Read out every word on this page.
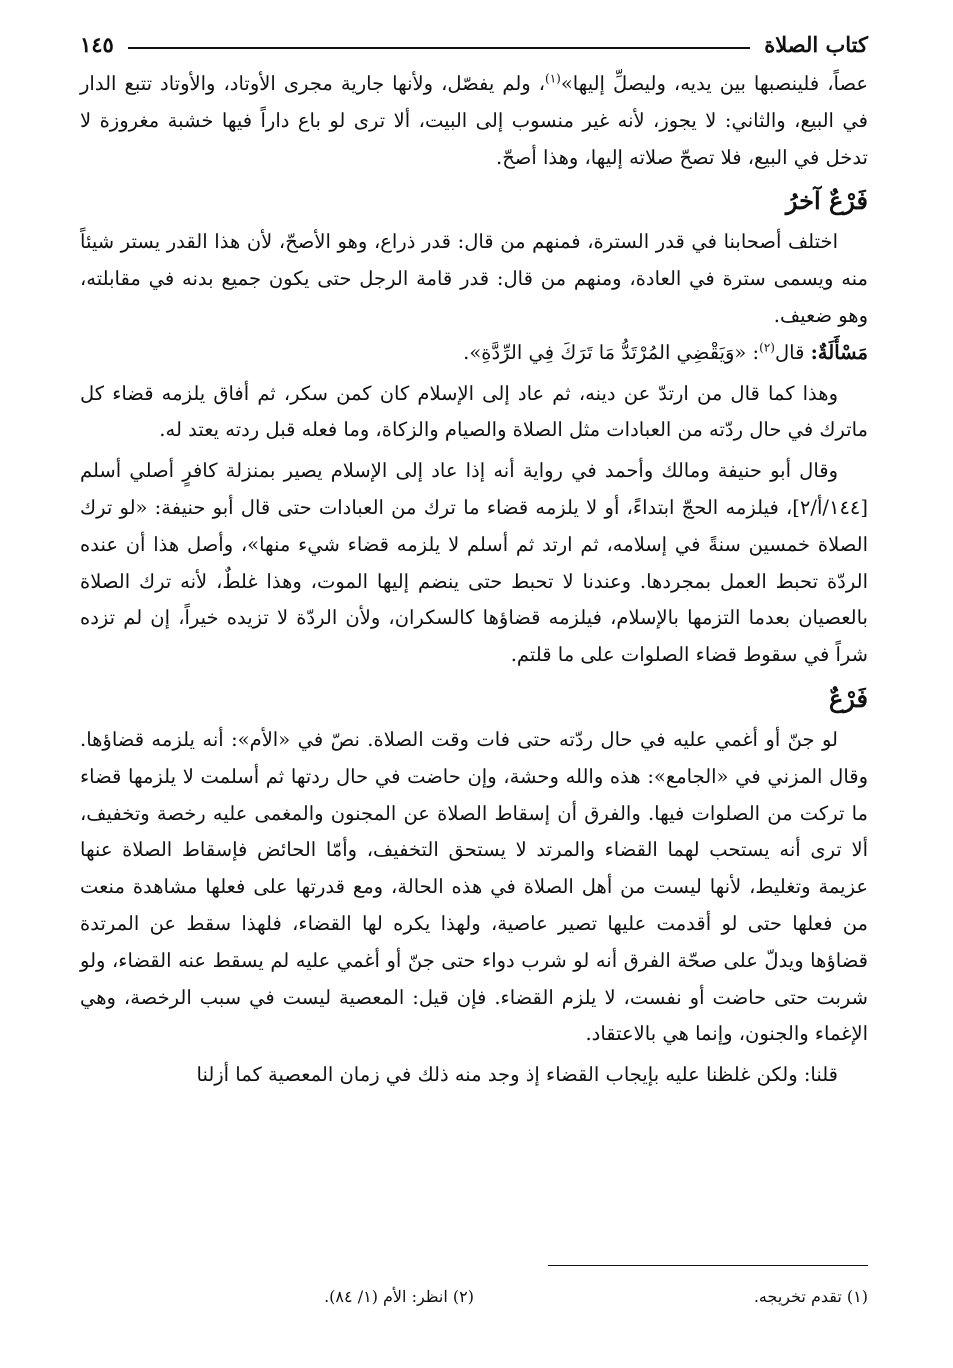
كتاب الصلاة
١٤٥

عصاً، فلينصبها بين يديه، وليصلِّ إليها»$^{(١)}$، ولم يفصّل، ولأنها جارية مجرى الأوتاد، والأوتاد تتبع الدار في البيع، والثاني: لا يجوز، لأنه غير منسوب إلى البيت، ألا ترى لو باع داراً فيها خشبة مغروزة لا تدخل في البيع، فلا تصحّ صلاته إليها، وهذا أصحّ.

فَرْعٌ آخرُ

اختلف أصحابنا في قدر السترة، فمنهم من قال: قدر ذراع، وهو الأصحّ، لأن هذا القدر يستر شيئاً منه ويسمى سترة في العادة، ومنهم من قال: قدر قامة الرجل حتى يكون جميع بدنه في مقابلته، وهو ضعيف.

مَسْأَلَةٌ: قال$^{(٢)}$: «وَيَقْضِي المُرْتَدُّ مَا تَرَكَ فِي الرِّدَّةِ».

وهذا كما قال من ارتدّ عن دينه، ثم عاد إلى الإسلام كان كمن سكر، ثم أفاق يلزمه قضاء كل ماترك في حال ردّته من العبادات مثل الصلاة والصيام والزكاة، وما فعله قبل ردته يعتد له.

وقال أبو حنيفة ومالك وأحمد في رواية أنه إذا عاد إلى الإسلام يصير بمنزلة كافرٍ أصلي أسلم [١٤٤/أ/٢]، فيلزمه الحجّ ابتداءً، أو لا يلزمه قضاء ما ترك من العبادات حتى قال أبو حنيفة: «لو ترك الصلاة خمسين سنةً في إسلامه، ثم ارتد ثم أسلم لا يلزمه قضاء شيء منها»، وأصل هذا أن عنده الردّة تحبط العمل بمجردها. وعندنا لا تحبط حتى ينضم إليها الموت، وهذا غلطٌ، لأنه ترك الصلاة بالعصيان بعدما التزمها بالإسلام، فيلزمه قضاؤها كالسكران، ولأن الردّة لا تزيده خيراً، إن لم تزده شراً في سقوط قضاء الصلوات على ما قلتم.

فَرْعٌ

لو جنّ أو أغمي عليه في حال ردّته حتى فات وقت الصلاة. نصّ في «الأم»: أنه يلزمه قضاؤها. وقال المزني في «الجامع»: هذه والله وحشة، وإن حاضت في حال ردتها ثم أسلمت لا يلزمها قضاء ما تركت من الصلوات فيها. والفرق أن إسقاط الصلاة عن المجنون والمغمى عليه رخصة وتخفيف، ألا ترى أنه يستحب لهما القضاء والمرتد لا يستحق التخفيف، وأمّا الحائض فإسقاط الصلاة عنها عزيمة وتغليط، لأنها ليست من أهل الصلاة في هذه الحالة، ومع قدرتها على فعلها مشاهدة منعت من فعلها حتى لو أقدمت عليها تصير عاصية، ولهذا يكره لها القضاء، فلهذا سقط عن المرتدة قضاؤها ويدلّ على صحّة الفرق أنه لو شرب دواء حتى جنّ أو أغمي عليه لم يسقط عنه القضاء، ولو شربت حتى حاضت أو نفست، لا يلزم القضاء. فإن قيل: المعصية ليست في سبب الرخصة، وهي الإغماء والجنون، وإنما هي بالاعتقاد.

قلنا: ولكن غلظنا عليه بإيجاب القضاء إذ وجد منه ذلك في زمان المعصية كما أزلنا

(١) تقدم تخريجه.
(٢) انظر: الأم (١/ ٨٤).
